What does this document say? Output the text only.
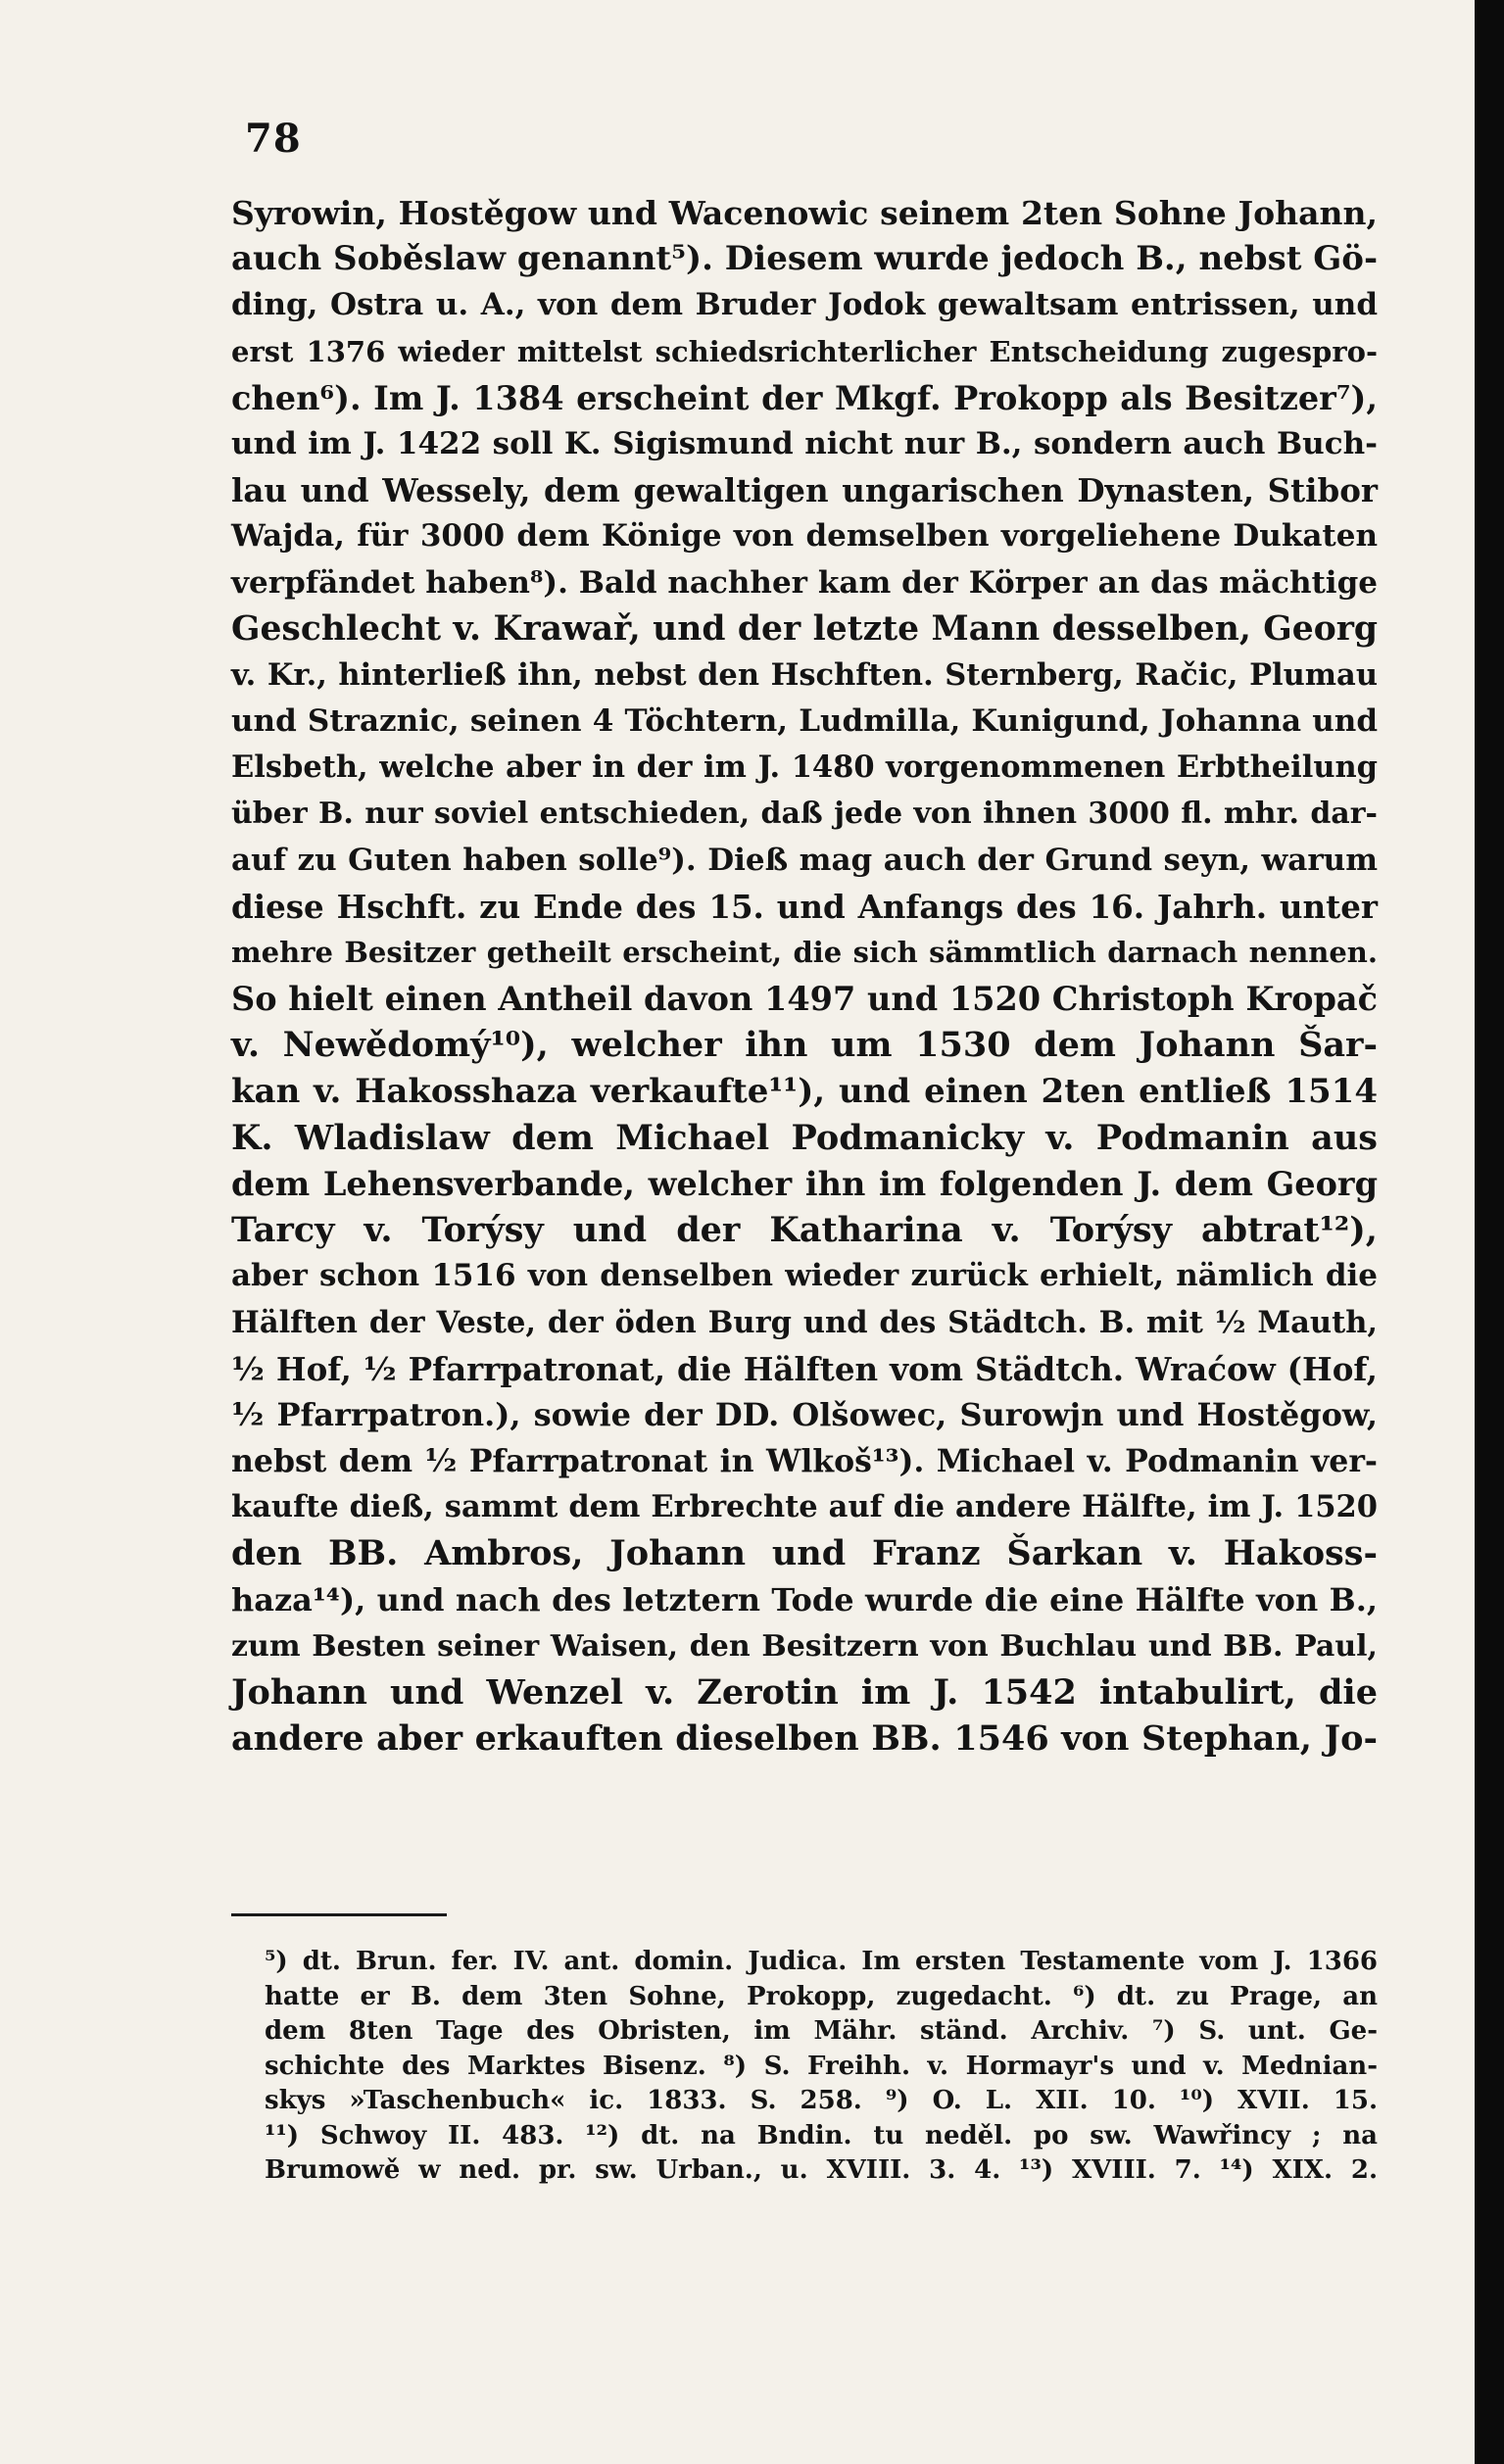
78
Syrowin, Hostěgow und Wacenowic seinem 2ten Sohne Johann,
auch Soběslaw genannt⁵). Diesem wurde jedoch B., nebst Gö-
ding, Ostra u. A., von dem Bruder Jodok gewaltsam entrissen, und
erst 1376 wieder mittelst schiedsrichterlicher Entscheidung zugespro-
chen⁶). Im J. 1384 erscheint der Mkgf. Prokopp als Besitzer⁷),
und im J. 1422 soll K. Sigismund nicht nur B., sondern auch Buch-
lau und Wessely, dem gewaltigen ungarischen Dynasten, Stibor
Wajda, für 3000 dem Könige von demselben vorgeliehene Dukaten
verpfändet haben⁸). Bald nachher kam der Körper an das mächtige
Geschlecht v. Krawař, und der letzte Mann desselben, Georg
v. Kr., hinterließ ihn, nebst den Hschften. Sternberg, Račic, Plumau
und Straznic, seinen 4 Töchtern, Ludmilla, Kunigund, Johanna und
Elsbeth, welche aber in der im J. 1480 vorgenommenen Erbtheilung
über B. nur soviel entschieden, daß jede von ihnen 3000 fl. mhr. dar-
auf zu Guten haben solle⁹). Dieß mag auch der Grund seyn, warum
diese Hschft. zu Ende des 15. und Anfangs des 16. Jahrh. unter
mehre Besitzer getheilt erscheint, die sich sämmtlich darnach nennen.
So hielt einen Antheil davon 1497 und 1520 Christoph Kropač
v. Newědomý¹⁰), welcher ihn um 1530 dem Johann Šar-
kan v. Hakosshaza verkaufte¹¹), und einen 2ten entließ 1514
K. Wladislaw dem Michael Podmanicky v. Podmanin aus
dem Lehensverbande, welcher ihn im folgenden J. dem Georg
Tarcy v. Torýsy und der Katharina v. Torýsy abtrat¹²),
aber schon 1516 von denselben wieder zurück erhielt, nämlich die
Hälften der Veste, der öden Burg und des Städtch. B. mit ½ Mauth,
½ Hof, ½ Pfarrpatronat, die Hälften vom Städtch. Wraćow (Hof,
½ Pfarrpatron.), sowie der DD. Olšowec, Surowjn und Hostěgow,
nebst dem ½ Pfarrpatronat in Wlkoš¹³). Michael v. Podmanin ver-
kaufte dieß, sammt dem Erbrechte auf die andere Hälfte, im J. 1520
den BB. Ambros, Johann und Franz Šarkan v. Hakoss-
haza¹⁴), und nach des letztern Tode wurde die eine Hälfte von B.,
zum Besten seiner Waisen, den Besitzern von Buchlau und BB. Paul,
Johann und Wenzel v. Zerotin im J. 1542 intabulirt, die
andere aber erkauften dieselben BB. 1546 von Stephan, Jo-
⁵) dt. Brun. fer. IV. ant. domin. Judica. Im ersten Testamente vom J. 1366
hatte er B. dem 3ten Sohne, Prokopp, zugedacht. ⁶) dt. zu Prage, an
dem 8ten Tage des Obristen, im Mähr. ständ. Archiv. ⁷) S. unt. Ge-
schichte des Marktes Bisenz. ⁸) S. Freihh. v. Hormayr's und v. Mednian-
skys »Taschenbuch« ic. 1833. S. 258. ⁹) O. L. XII. 10. ¹⁰) XVII. 15.
¹¹) Schwoy II. 483. ¹²) dt. na Bndin. tu neděl. po sw. Wawřincy ; na
Brumowě w ned. pr. sw. Urban., u. XVIII. 3. 4. ¹³) XVIII. 7. ¹⁴) XIX. 2.
